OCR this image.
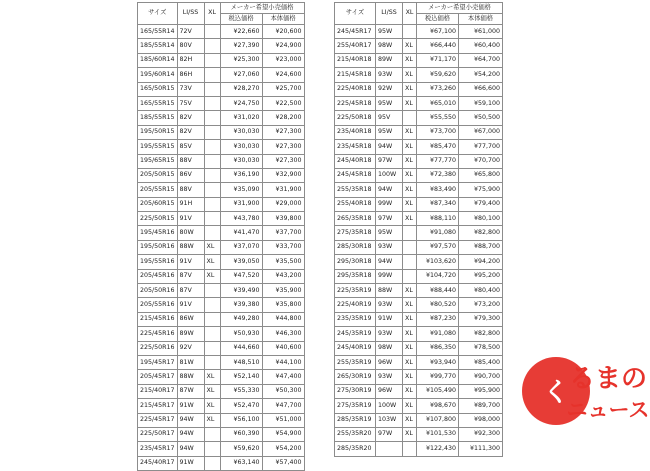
サイズ	LI/SS	XL	メーカー希望小売価格	
			税込価格	本体価格
165/55R14	72V		¥22,660	¥20,600
185/55R14	80V		¥27,390	¥24,900
185/60R14	82H		¥25,300	¥23,000
195/60R14	86H		¥27,060	¥24,600
165/50R15	73V		¥28,270	¥25,700
165/55R15	75V		¥24,750	¥22,500
185/55R15	82V		¥31,020	¥28,200
195/50R15	82V		¥30,030	¥27,300
195/55R15	85V		¥30,030	¥27,300
195/65R15	88V		¥30,030	¥27,300
205/50R15	86V		¥36,190	¥32,900
205/55R15	88V		¥35,090	¥31,900
205/60R15	91H		¥31,900	¥29,000
225/50R15	91V		¥43,780	¥39,800
195/45R16	80W		¥41,470	¥37,700
195/50R16	88W	XL	¥37,070	¥33,700
195/55R16	91V	XL	¥39,050	¥35,500
205/45R16	87V	XL	¥47,520	¥43,200
205/50R16	87V		¥39,490	¥35,900
205/55R16	91V		¥39,380	¥35,800
215/45R16	86W		¥49,280	¥44,800
225/45R16	89W		¥50,930	¥46,300
225/50R16	92V		¥44,660	¥40,600
195/45R17	81W		¥48,510	¥44,100
205/45R17	88W	XL	¥52,140	¥47,400
215/40R17	87W	XL	¥55,330	¥50,300
215/45R17	91W	XL	¥52,470	¥47,700
225/45R17	94W	XL	¥56,100	¥51,000
225/50R17	94W		¥60,390	¥54,900
235/45R17	94W		¥59,620	¥54,200
245/40R17	91W		¥63,140	¥57,400
サイズ	LI/SS	XL	メーカー希望小売価格	
			税込価格	本体価格
245/45R17	95W		¥67,100	¥61,000
255/40R17	98W	XL	¥66,440	¥60,400
215/40R18	89W	XL	¥71,170	¥64,700
215/45R18	93W	XL	¥59,620	¥54,200
225/40R18	92W	XL	¥73,260	¥66,600
225/45R18	95W	XL	¥65,010	¥59,100
225/50R18	95V		¥55,550	¥50,500
235/40R18	95W	XL	¥73,700	¥67,000
235/45R18	94W	XL	¥85,470	¥77,700
245/40R18	97W	XL	¥77,770	¥70,700
245/45R18	100W	XL	¥72,380	¥65,800
255/35R18	94W	XL	¥83,490	¥75,900
255/40R18	99W	XL	¥87,340	¥79,400
265/35R18	97W	XL	¥88,110	¥80,100
275/35R18	95W		¥91,080	¥82,800
285/30R18	93W		¥97,570	¥88,700
295/30R18	94W		¥103,620	¥94,200
295/35R18	99W		¥104,720	¥95,200
225/35R19	88W	XL	¥88,440	¥80,400
225/40R19	93W	XL	¥80,520	¥73,200
235/35R19	91W	XL	¥87,230	¥79,300
245/35R19	93W	XL	¥91,080	¥82,800
245/40R19	98W	XL	¥86,350	¥78,500
255/35R19	96W	XL	¥93,940	¥85,400
265/30R19	93W	XL	¥99,770	¥90,700
275/30R19	96W	XL	¥105,490	¥95,900
275/35R19	100W	XL	¥98,670	¥89,700
285/35R19	103W	XL	¥107,800	¥98,000
255/35R20	97W	XL	¥101,530	¥92,300
285/35R20			¥122,430	¥111,300
く るまの
ニュース
